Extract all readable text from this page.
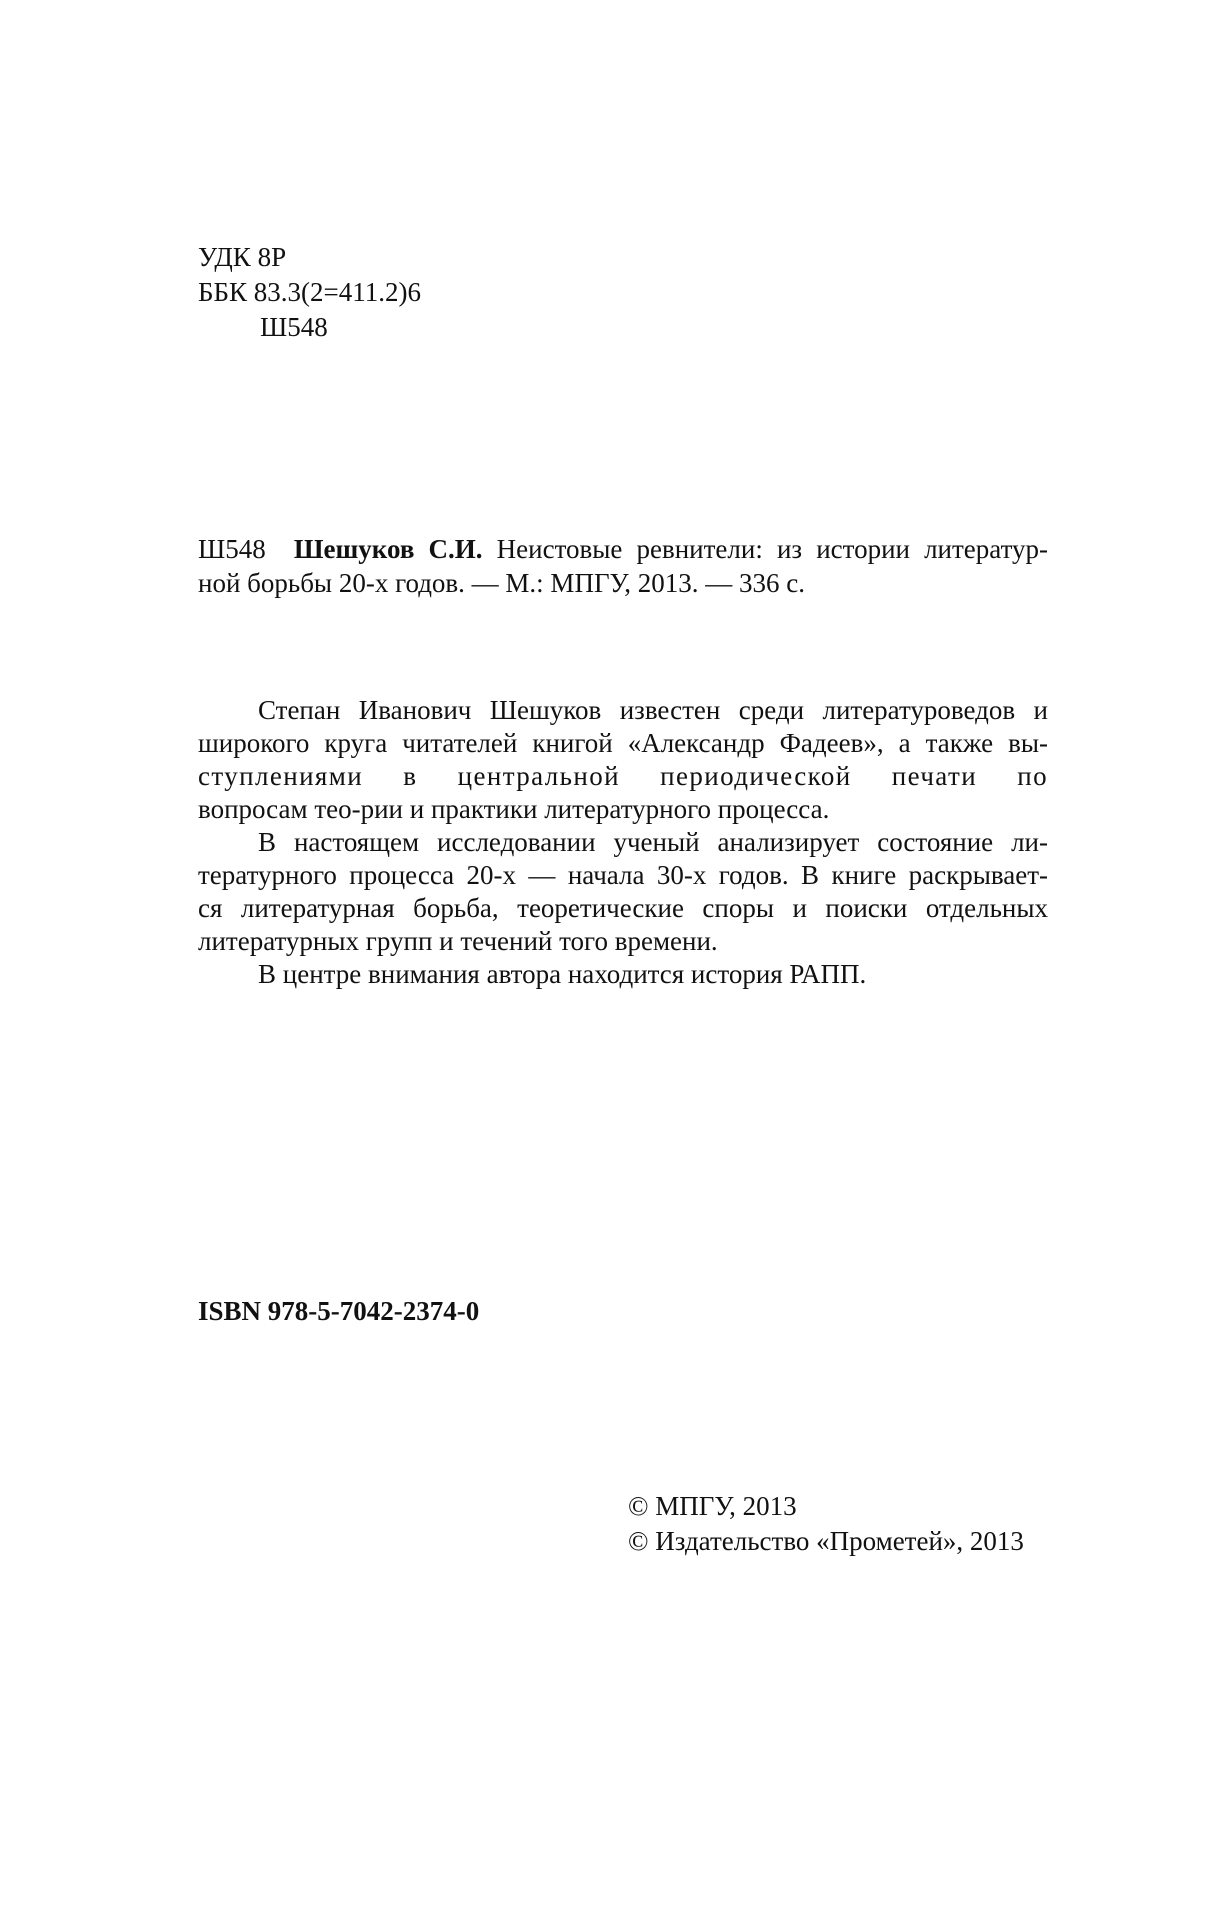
УДК 8Р
ББК 83.3(2=411.2)6
Ш548
Ш548 Шешуков С.И. Неистовые ревнители: из истории литератур-
ной борьбы 20-х годов. — М.: МПГУ, 2013. — 336 с.
Степан Иванович Шешуков известен среди литературоведов и
широкого круга читателей книгой «Александр Фадеев», а также вы-
ступлениями в центральной периодической печати по
вопросам тео-рии и практики литературного процесса.
В настоящем исследовании ученый анализирует состояние ли-
тературного процесса 20-х — начала 30-х годов. В книге раскрывает-
ся литературная борьба, теоретические споры и поиски отдельных
литературных групп и течений того времени.
В центре внимания автора находится история РАПП.
ISBN 978-5-7042-2374-0
© МПГУ, 2013
© Издательство «Прометей», 2013
